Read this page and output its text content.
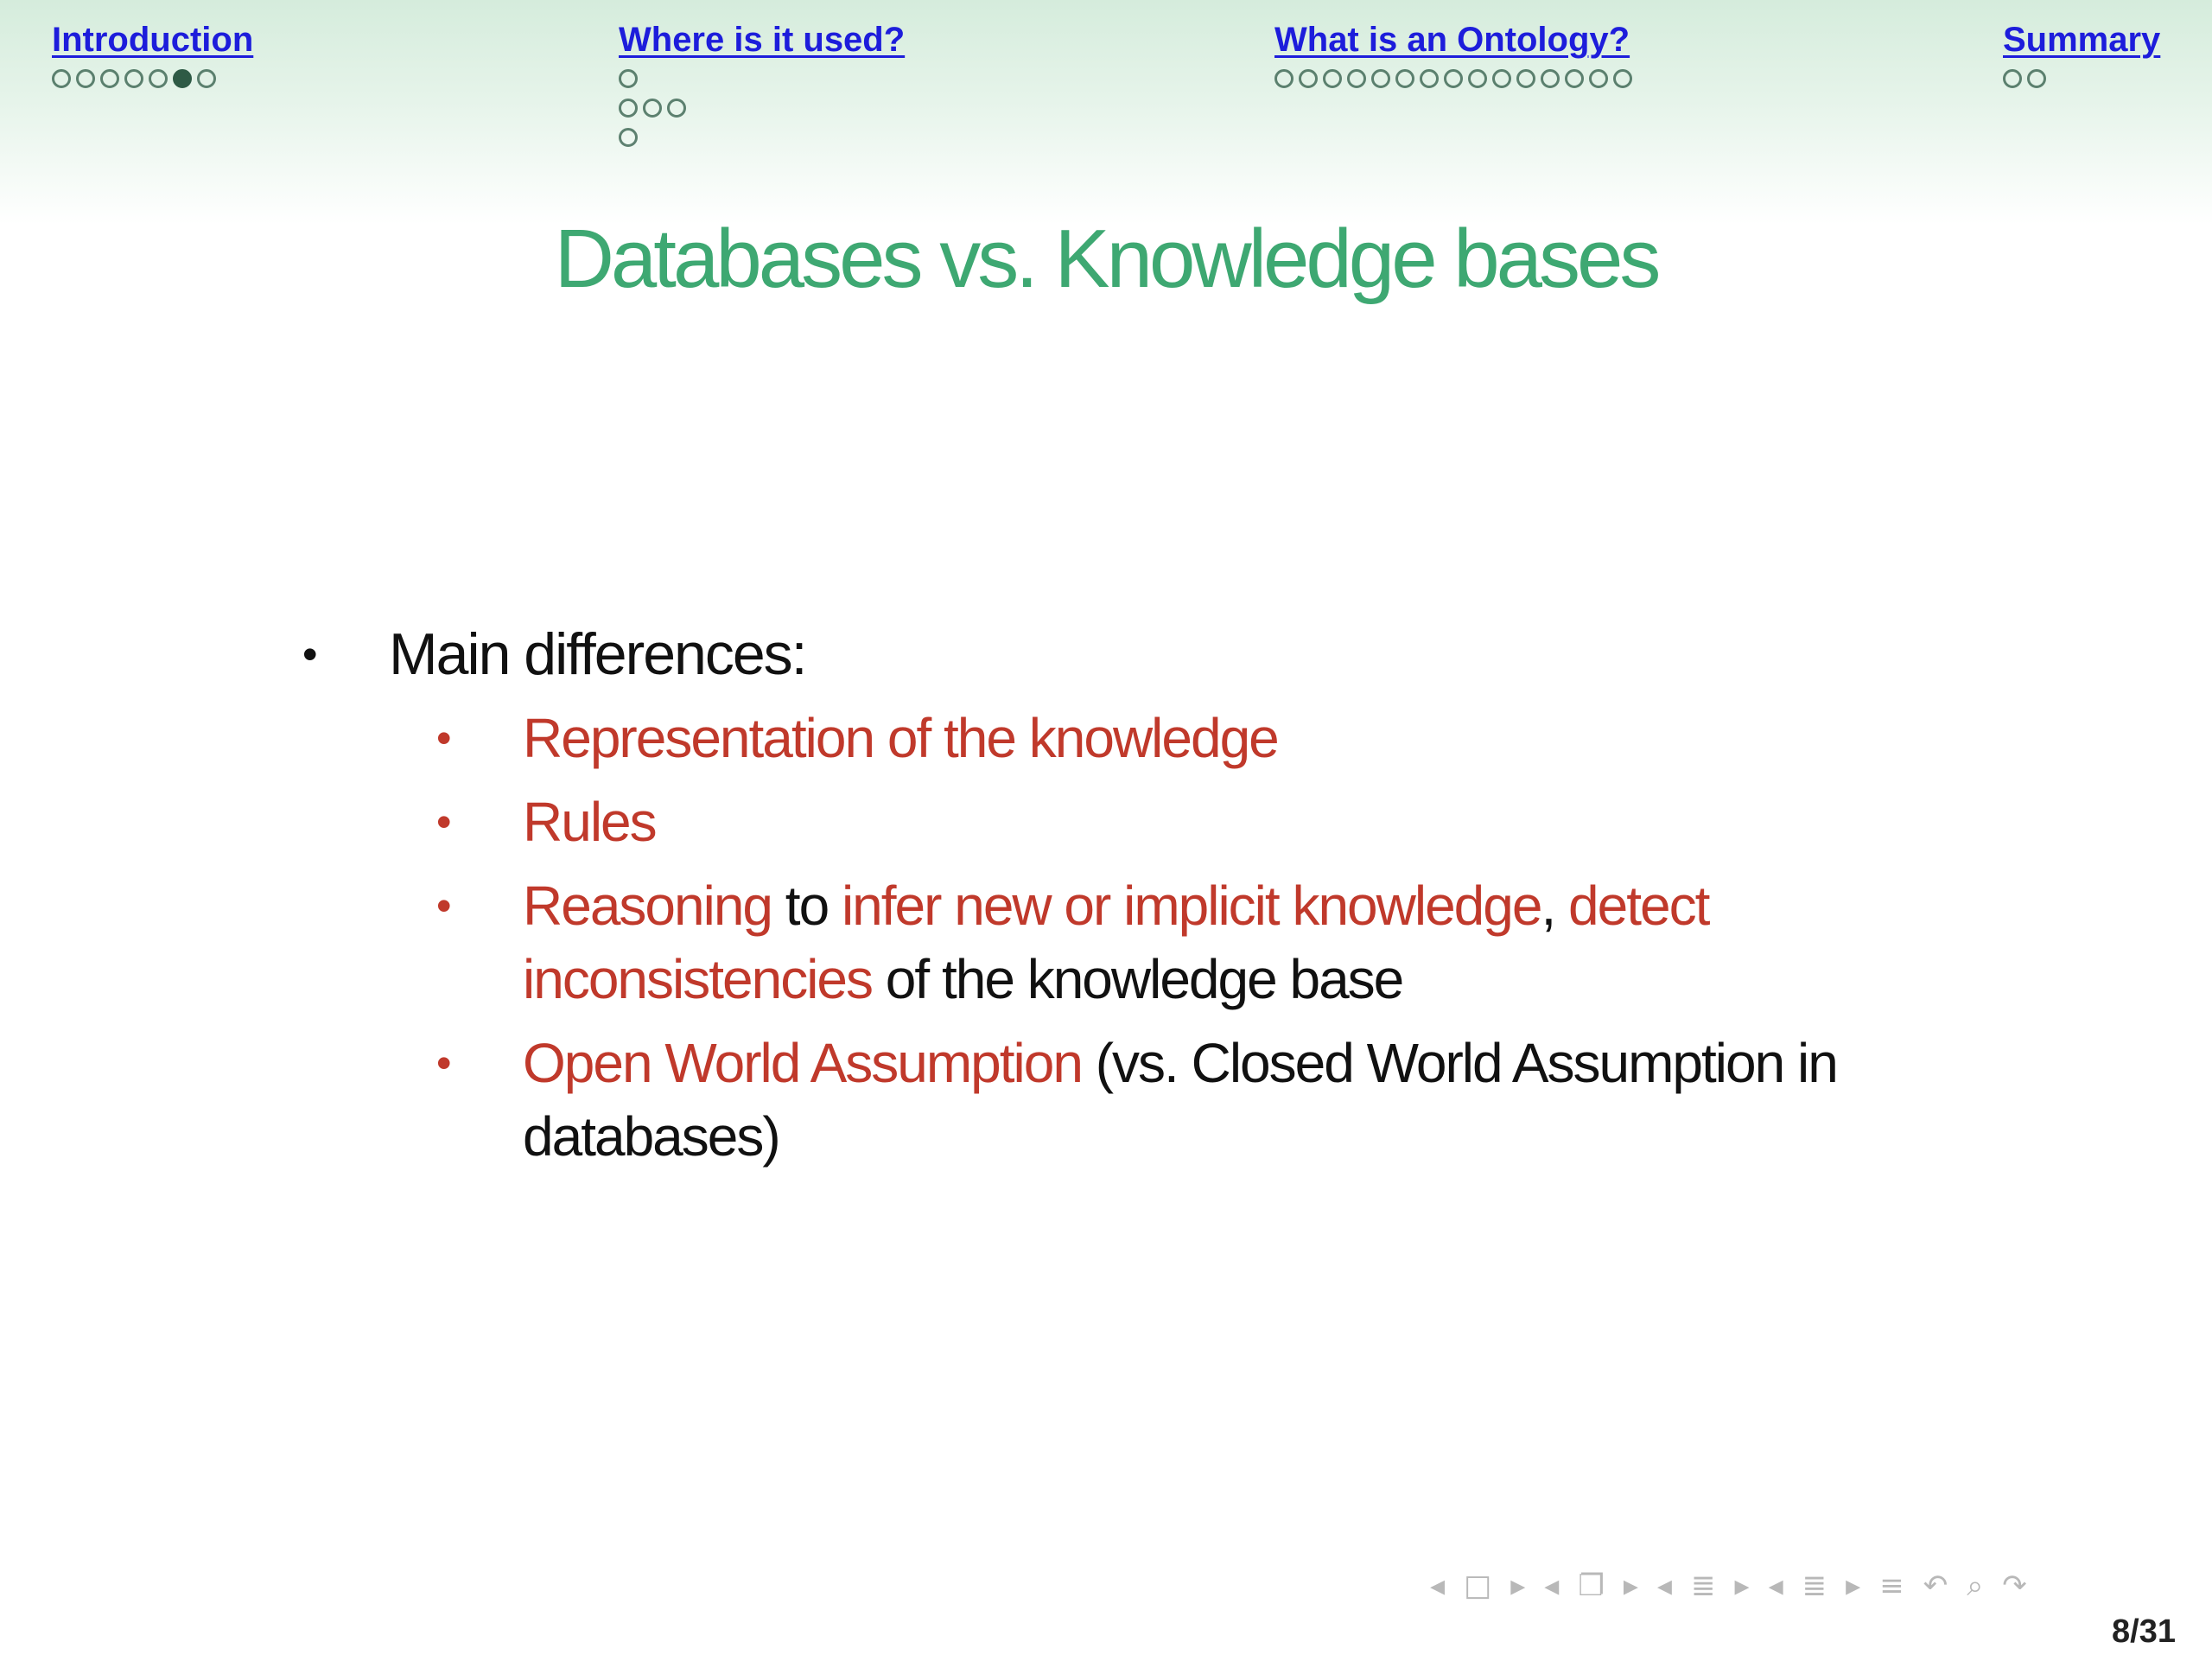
Introduction	Where is it used?	What is an Ontology?	Summary
Databases vs. Knowledge bases
•	Main differences:
• Representation of the knowledge
• Rules
• Reasoning to infer new or implicit knowledge, detect inconsistencies of the knowledge base
• Open World Assumption (vs. Closed World Assumption in databases)
◂ □ ▸ ◂ ❐ ▸ ◂ ≣ ▸ ◂ ≣ ▸ ≡ ↶ ⌕ ↷
8/31
